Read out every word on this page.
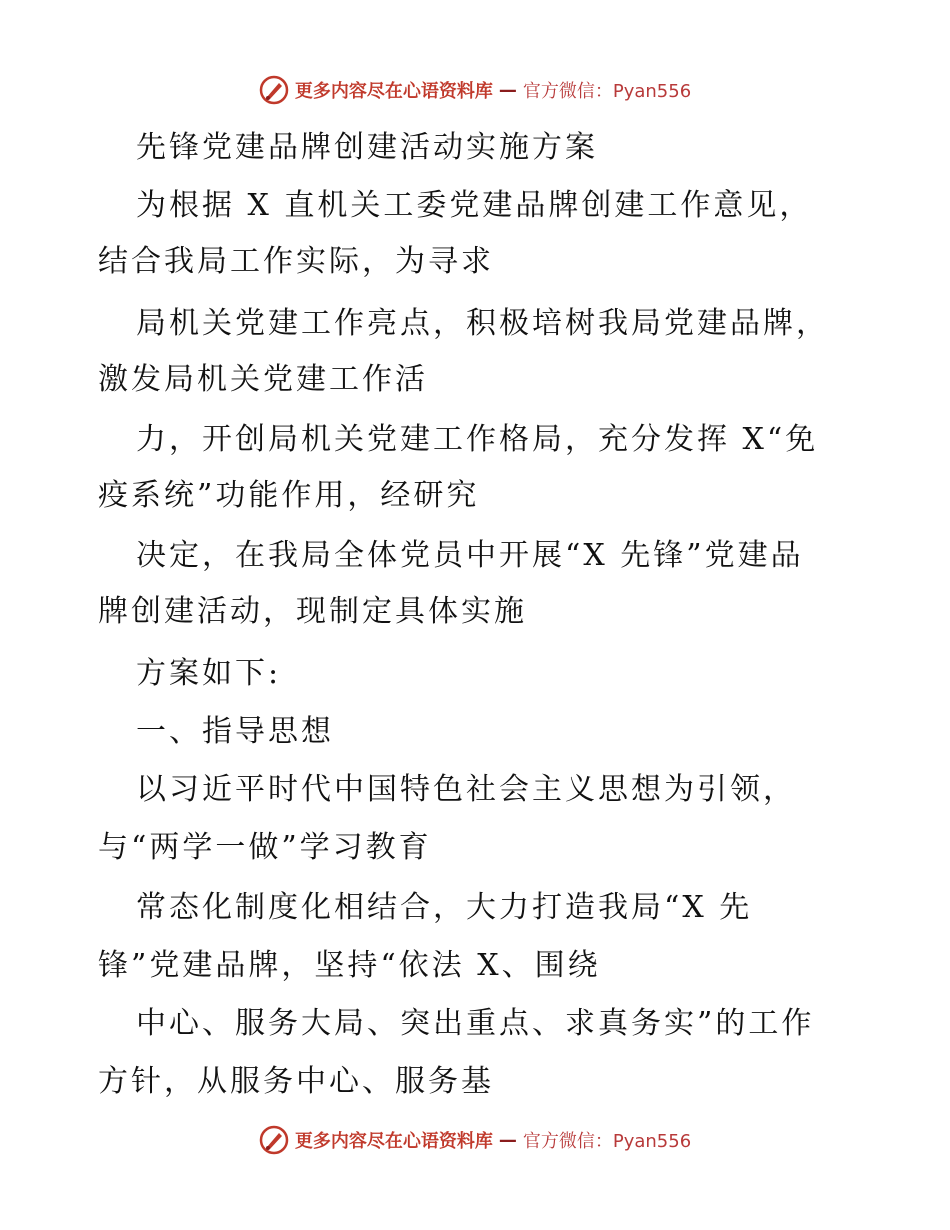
更多内容尽在心语资料库 — 官方微信：Pyan556
先锋党建品牌创建活动实施方案
为根据 X 直机关工委党建品牌创建工作意见，
结合我局工作实际，为寻求
局机关党建工作亮点，积极培树我局党建品牌，
激发局机关党建工作活
力，开创局机关党建工作格局，充分发挥 X“免
疫系统”功能作用，经研究
决定，在我局全体党员中开展“X 先锋”党建品
牌创建活动，现制定具体实施
方案如下:
一、指导思想
以习近平时代中国特色社会主义思想为引领，
与“两学一做”学习教育
常态化制度化相结合，大力打造我局“X 先
锋”党建品牌，坚持“依法 X、围绕
中心、服务大局、突出重点、求真务实”的工作
方针，从服务中心、服务基
更多内容尽在心语资料库 — 官方微信：Pyan556
